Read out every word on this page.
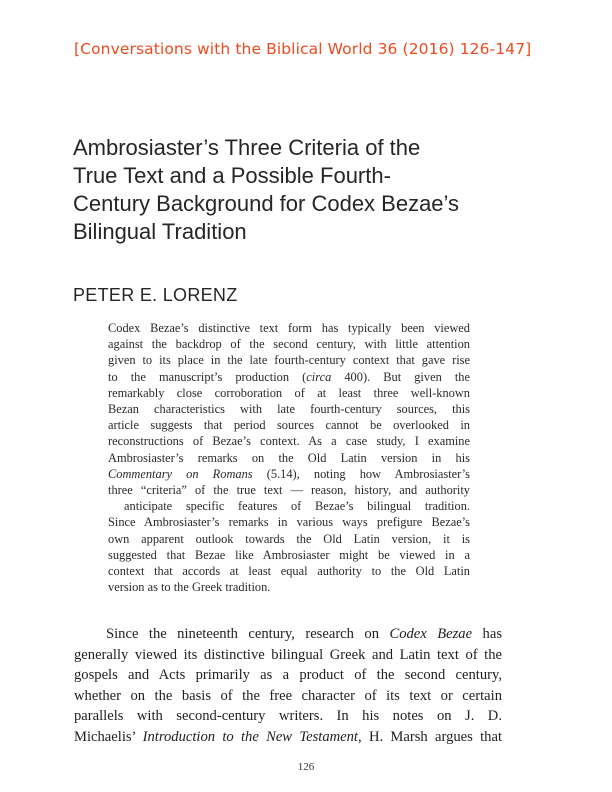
[Conversations with the Biblical World 36 (2016) 126-147]
Ambrosiaster’s Three Criteria of the
True Text and a Possible Fourth-
Century Background for Codex Bezae’s
Bilingual Tradition
PETER E. LORENZ
Codex Bezae’s distinctive text form has typically been viewed
against the backdrop of the second century, with little attention
given to its place in the late fourth-century context that gave rise
to the manuscript’s production (circa 400). But given the
remarkably close corroboration of at least three well-known
Bezan characteristics with late fourth-century sources, this
article suggests that period sources cannot be overlooked in
reconstructions of Bezae’s context. As a case study, I examine
Ambrosiaster’s remarks on the Old Latin version in his
Commentary on Romans (5.14), noting how Ambrosiaster’s
three “criteria” of the true text — reason, history, and authority
anticipate specific features of Bezae’s bilingual tradition.
Since Ambrosiaster’s remarks in various ways prefigure Bezae’s
own apparent outlook towards the Old Latin version, it is
suggested that Bezae like Ambrosiaster might be viewed in a
context that accords at least equal authority to the Old Latin
version as to the Greek tradition.
Since the nineteenth century, research on Codex Bezae has
generally viewed its distinctive bilingual Greek and Latin text of the
gospels and Acts primarily as a product of the second century,
whether on the basis of the free character of its text or certain
parallels with second-century writers. In his notes on J. D.
Michaelis’ Introduction to the New Testament, H. Marsh argues that
126
